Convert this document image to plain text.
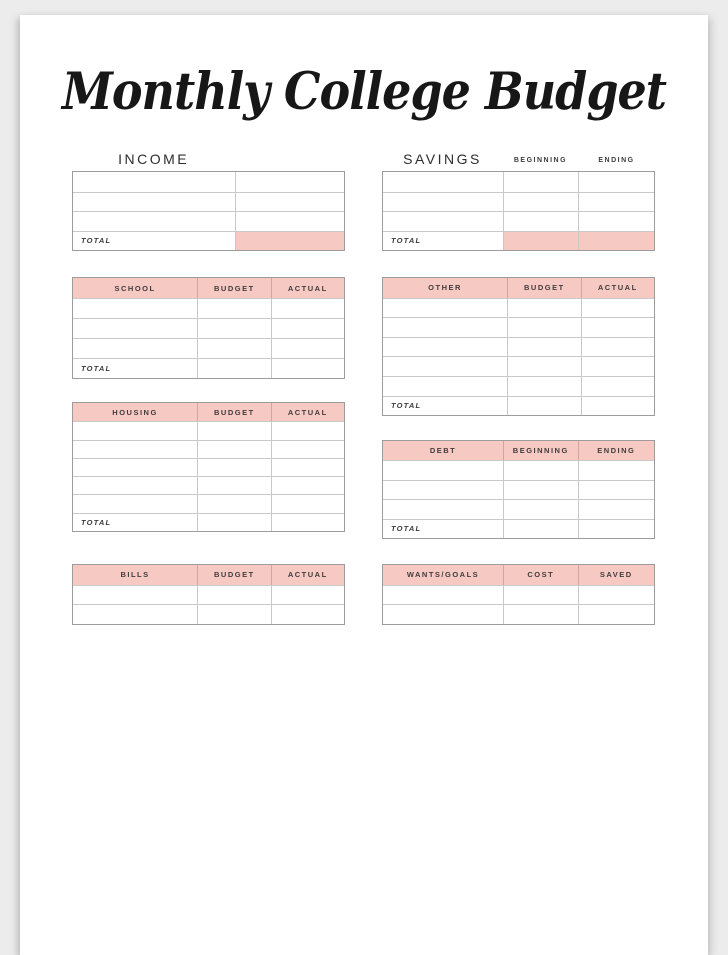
Monthly College Budget
INCOME	SAVINGS	BEGINNING	ENDING
TOTAL	TOTAL
SCHOOL	BUDGET	ACTUAL
TOTAL
OTHER	BUDGET	ACTUAL
TOTAL
HOUSING	BUDGET	ACTUAL
TOTAL
DEBT	BEGINNING	ENDING
TOTAL
BILLS	BUDGET	ACTUAL	WANTS/GOALS	COST	SAVED
